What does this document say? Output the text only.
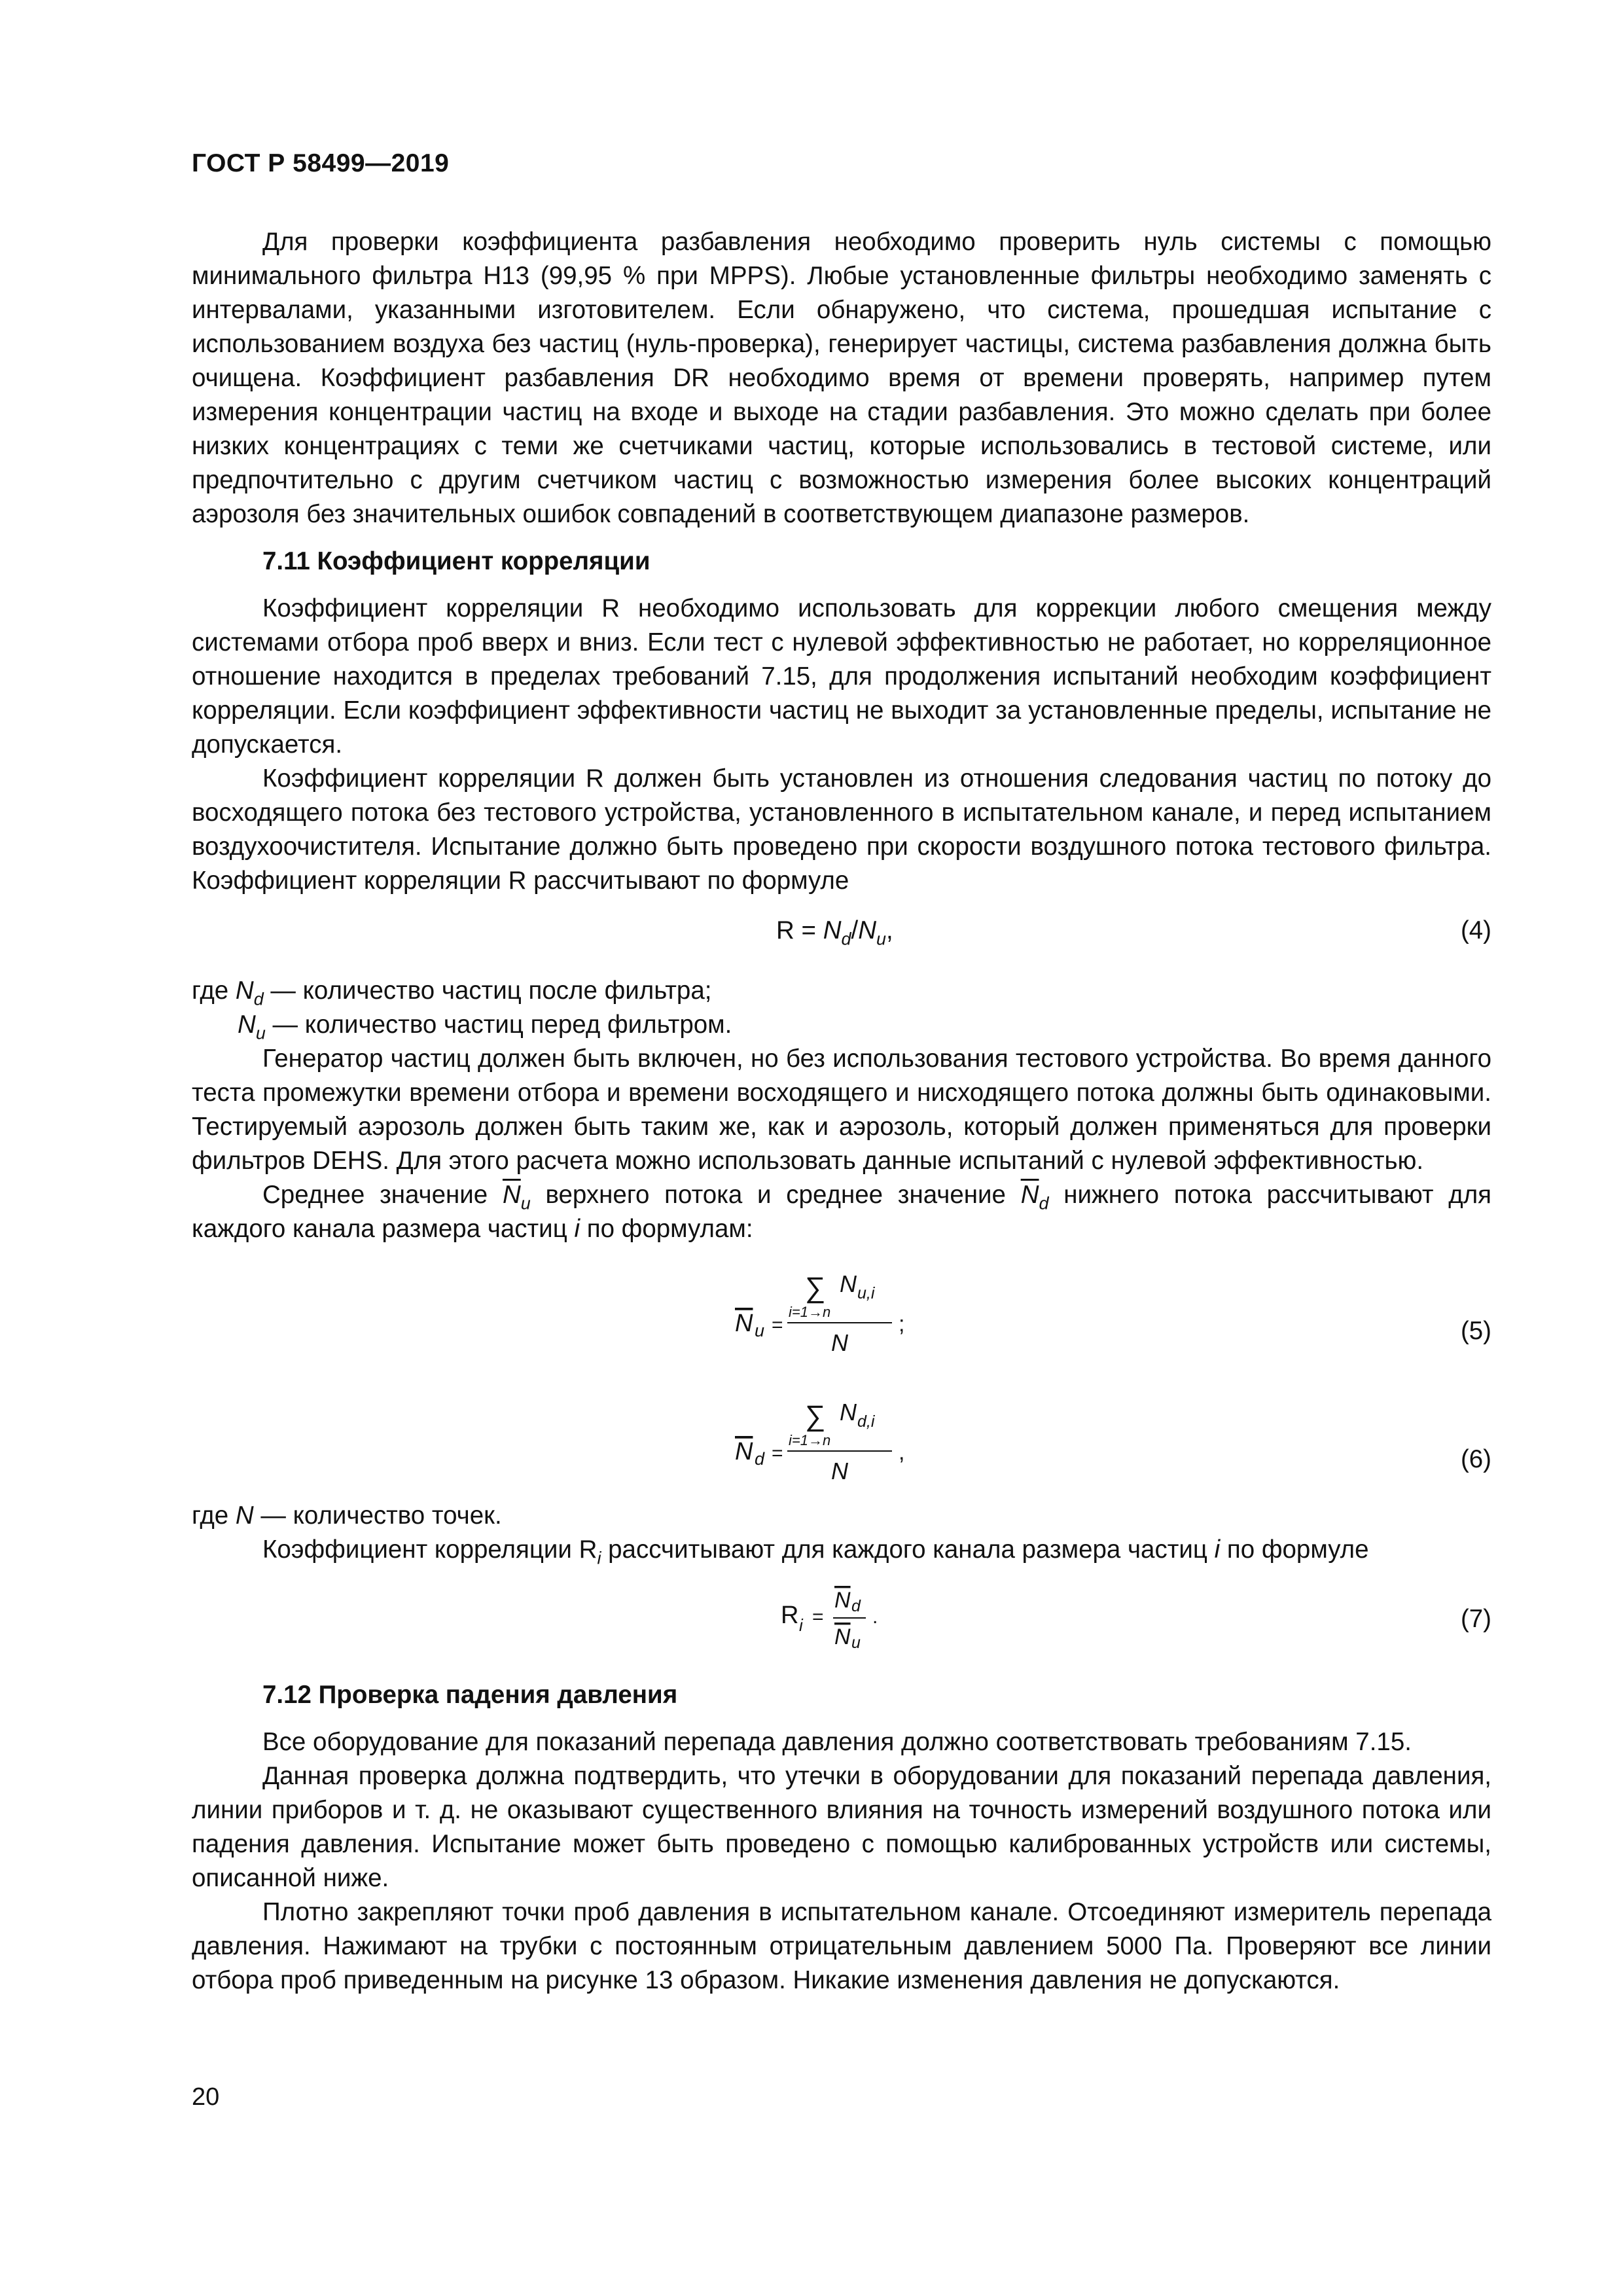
ГОСТ Р 58499—2019

Для проверки коэффициента разбавления необходимо проверить нуль системы с помощью минимального фильтра Н13 (99,95 % при MPPS). Любые установленные фильтры необходимо заменять с интервалами, указанными изготовителем. Если обнаружено, что система, прошедшая испытание с использованием воздуха без частиц (нуль-проверка), генерирует частицы, система разбавления должна быть очищена. Коэффициент разбавления DR необходимо время от времени проверять, например путем измерения концентрации частиц на входе и выходе на стадии разбавления. Это можно сделать при более низких концентрациях с теми же счетчиками частиц, которые использовались в тестовой системе, или предпочтительно с другим счетчиком частиц с возможностью измерения более высоких концентраций аэрозоля без значительных ошибок совпадений в соответствующем диапазоне размеров.

7.11 Коэффициент корреляции

Коэффициент корреляции R необходимо использовать для коррекции любого смещения между системами отбора проб вверх и вниз. Если тест с нулевой эффективностью не работает, но корреляционное отношение находится в пределах требований 7.15, для продолжения испытаний необходим коэффициент корреляции. Если коэффициент эффективности частиц не выходит за установленные пределы, испытание не допускается.

Коэффициент корреляции R должен быть установлен из отношения следования частиц по потоку до восходящего потока без тестового устройства, установленного в испытательном канале, и перед испытанием воздухоочистителя. Испытание должно быть проведено при скорости воздушного потока тестового фильтра. Коэффициент корреляции R рассчитывают по формуле

$R = N_d/N_u$,	(4)

где $N_d$ — количество частиц после фильтра;

$N_u$ — количество частиц перед фильтром.

Генератор частиц должен быть включен, но без использования тестового устройства. Во время данного теста промежутки времени отбора и времени восходящего и нисходящего потока должны быть одинаковыми. Тестируемый аэрозоль должен быть таким же, как и аэрозоль, который должен применяться для проверки фильтров DEHS. Для этого расчета можно использовать данные испытаний с нулевой эффективностью.

Среднее значение $\overline{N}_u$ верхнего потока и среднее значение $\overline{N}_d$ нижнего потока рассчитывают для каждого канала размера частиц i по формулам:

∑ N u,i
i=1→n
N
N u =	;	(5)
∑ N d,i
i=1→n
N
N d =	,	(6)

где N — количество точек.

Коэффициент корреляции $R_i$ рассчитывают для каждого канала размера частиц i по формуле

R i =
N d
N u
.	(7)

7.12 Проверка падения давления

Все оборудование для показаний перепада давления должно соответствовать требованиям 7.15.

Данная проверка должна подтвердить, что утечки в оборудовании для показаний перепада давления, линии приборов и т. д. не оказывают существенного влияния на точность измерений воздушного потока или падения давления. Испытание может быть проведено с помощью калиброванных устройств или системы, описанной ниже.

Плотно закрепляют точки проб давления в испытательном канале. Отсоединяют измеритель перепада давления. Нажимают на трубки с постоянным отрицательным давлением 5000 Па. Проверяют все линии отбора проб приведенным на рисунке 13 образом. Никакие изменения давления не допускаются.

20
